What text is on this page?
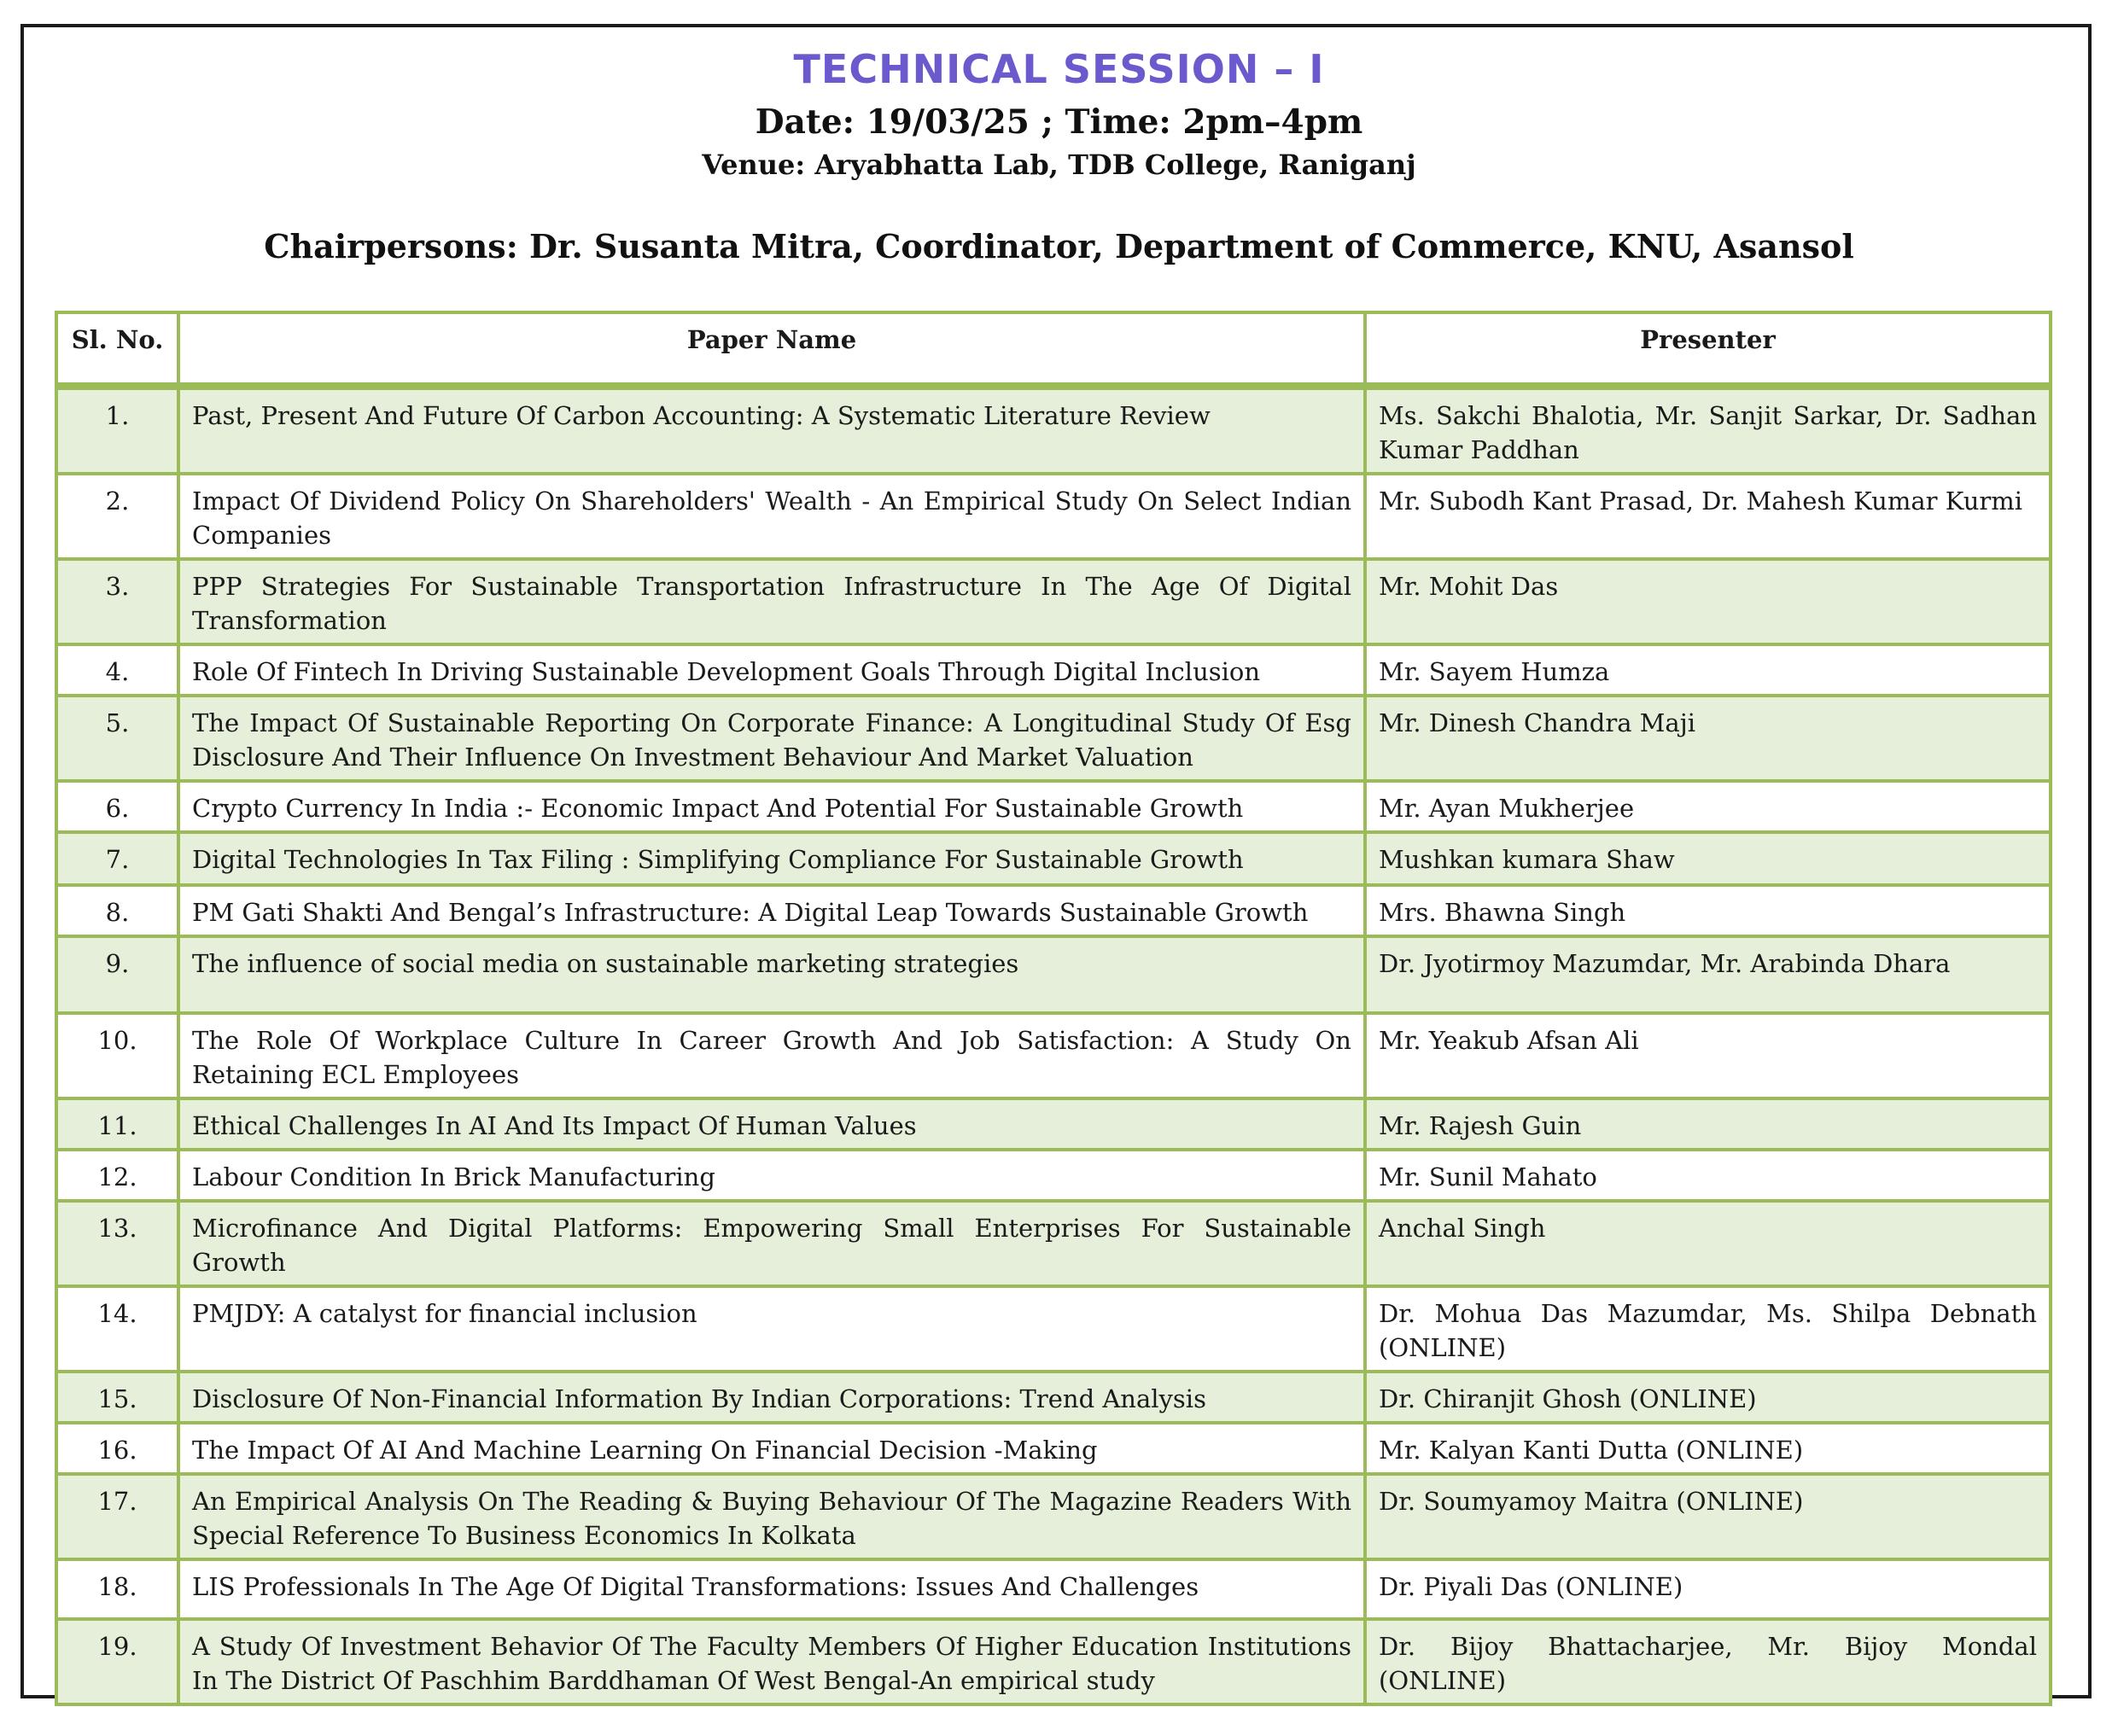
TECHNICAL SESSION – I
Date: 19/03/25 ; Time: 2pm–4pm
Venue: Aryabhatta Lab, TDB College, Raniganj
Chairpersons: Dr. Susanta Mitra, Coordinator, Department of Commerce, KNU, Asansol
Sl. No.	Paper Name	Presenter
1.	Past, Present And Future Of Carbon Accounting: A Systematic Literature Review	Ms. Sakchi Bhalotia, Mr. Sanjit Sarkar, Dr. Sadhan Kumar Paddhan
2.	Impact Of Dividend Policy On Shareholders' Wealth - An Empirical Study On Select Indian Companies	Mr. Subodh Kant Prasad, Dr. Mahesh Kumar Kurmi
3.	PPP Strategies For Sustainable Transportation Infrastructure In The Age Of Digital Transformation	Mr. Mohit Das
4.	Role Of Fintech In Driving Sustainable Development Goals Through Digital Inclusion	Mr. Sayem Humza
5.	The Impact Of Sustainable Reporting On Corporate Finance: A Longitudinal Study Of Esg Disclosure And Their Influence On Investment Behaviour And Market Valuation	Mr. Dinesh Chandra Maji
6.	Crypto Currency In India :- Economic Impact And Potential For Sustainable Growth	Mr. Ayan Mukherjee
7.	Digital Technologies In Tax Filing : Simplifying Compliance For Sustainable Growth	Mushkan kumara Shaw
8.	PM Gati Shakti And Bengal’s Infrastructure: A Digital Leap Towards Sustainable Growth	Mrs. Bhawna Singh
9.	The influence of social media on sustainable marketing strategies	Dr. Jyotirmoy Mazumdar, Mr. Arabinda Dhara
10.	The Role Of Workplace Culture In Career Growth And Job Satisfaction: A Study On Retaining ECL Employees	Mr. Yeakub Afsan Ali
11.	Ethical Challenges In AI And Its Impact Of Human Values	Mr. Rajesh Guin
12.	Labour Condition In Brick Manufacturing	Mr. Sunil Mahato
13.	Microfinance And Digital Platforms: Empowering Small Enterprises For Sustainable Growth	Anchal Singh
14.	PMJDY: A catalyst for financial inclusion	Dr. Mohua Das Mazumdar, Ms. Shilpa Debnath (ONLINE)
15.	Disclosure Of Non-Financial Information By Indian Corporations: Trend Analysis	Dr. Chiranjit Ghosh (ONLINE)
16.	The Impact Of AI And Machine Learning On Financial Decision -Making	Mr. Kalyan Kanti Dutta (ONLINE)
17.	An Empirical Analysis On The Reading & Buying Behaviour Of The Magazine Readers With Special Reference To Business Economics In Kolkata	Dr. Soumyamoy Maitra (ONLINE)
18.	LIS Professionals In The Age Of Digital Transformations: Issues And Challenges	Dr. Piyali Das (ONLINE)
19.	A Study Of Investment Behavior Of The Faculty Members Of Higher Education Institutions In The District Of Paschhim Barddhaman Of West Bengal-An empirical study	Dr. Bijoy Bhattacharjee, Mr. Bijoy Mondal (ONLINE)
